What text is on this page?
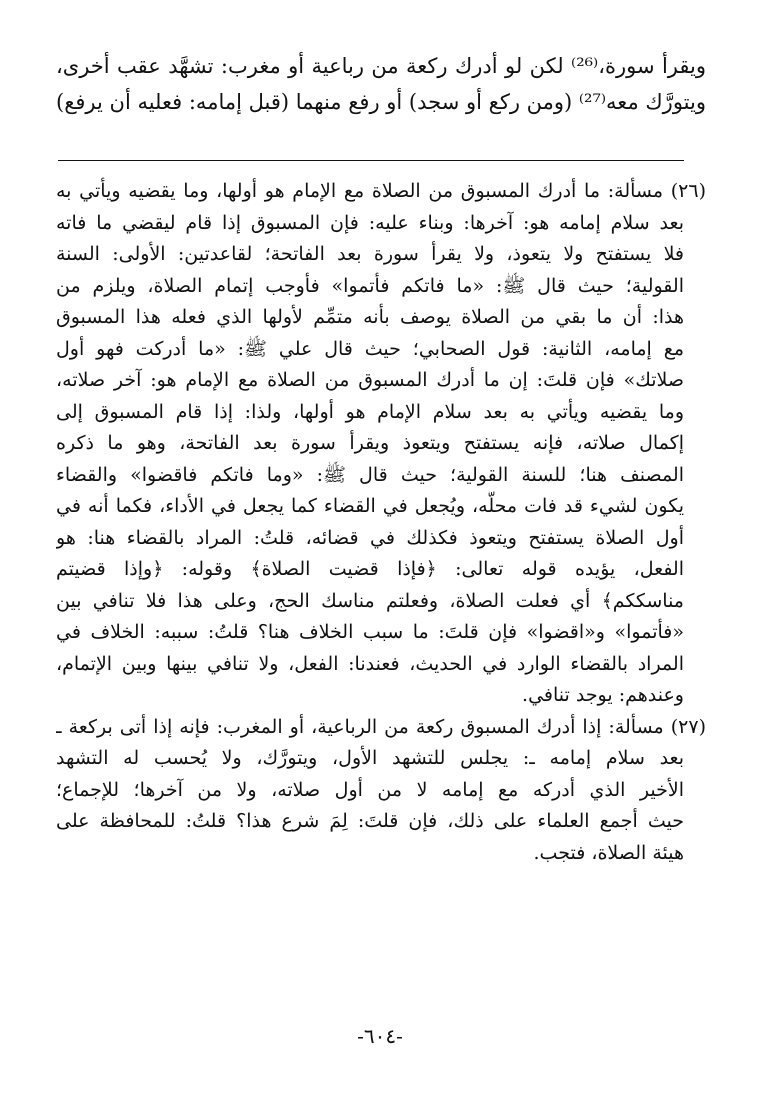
ويقرأ سورة،⁽²⁶⁾ لكن لو أدرك ركعة من رباعية أو مغرب: تشهَّد عقب أخرى،
ويتورَّك معه⁽²⁷⁾ (ومن ركع أو سجد) أو رفع منهما (قبل إمامه: فعليه أن يرفع)
(٢٦) مسألة: ما أدرك المسبوق من الصلاة مع الإمام هو أولها، وما يقضيه ويأتي به
بعد سلام إمامه هو: آخرها: وبناء عليه: فإن المسبوق إذا قام ليقضي ما فاته
فلا يستفتح ولا يتعوذ، ولا يقرأ سورة بعد الفاتحة؛ لقاعدتين: الأولى: السنة
القولية؛ حيث قال ﷺ: «ما فاتكم فأتموا» فأوجب إتمام الصلاة، ويلزم من
هذا: أن ما بقي من الصلاة يوصف بأنه متمِّم لأولها الذي فعله هذا المسبوق
مع إمامه، الثانية: قول الصحابي؛ حيث قال علي ﷺ: «ما أدركت فهو أول
صلاتك» فإن قلتَ: إن ما أدرك المسبوق من الصلاة مع الإمام هو: آخر صلاته،
وما يقضيه ويأتي به بعد سلام الإمام هو أولها، ولذا: إذا قام المسبوق إلى
إكمال صلاته، فإنه يستفتح ويتعوذ ويقرأ سورة بعد الفاتحة، وهو ما ذكره
المصنف هنا؛ للسنة القولية؛ حيث قال ﷺ: «وما فاتكم فاقضوا» والقضاء
يكون لشيء قد فات محلُّه، ويُجعل في القضاء كما يجعل في الأداء، فكما أنه في
أول الصلاة يستفتح ويتعوذ فكذلك في قضائه، قلتُ: المراد بالقضاء هنا: هو
الفعل، يؤيده قوله تعالى: ﴿فإذا قضيت الصلاة﴾ وقوله: ﴿وإذا قضيتم
مناسككم﴾ أي فعلت الصلاة، وفعلتم مناسك الحج، وعلى هذا فلا تنافي بين
«فأتموا» و«اقضوا» فإن قلتَ: ما سبب الخلاف هنا؟ قلتُ: سببه: الخلاف في
المراد بالقضاء الوارد في الحديث، فعندنا: الفعل، ولا تنافي بينها وبين الإتمام،
وعندهم: يوجد تنافي.
(٢٧) مسألة: إذا أدرك المسبوق ركعة من الرباعية، أو المغرب: فإنه إذا أتى بركعة ـ
بعد سلام إمامه ـ: يجلس للتشهد الأول، ويتورَّك، ولا يُحسب له التشهد
الأخير الذي أدركه مع إمامه لا من أول صلاته، ولا من آخرها؛ للإجماع؛
حيث أجمع العلماء على ذلك، فإن قلتَ: لِمَ شرع هذا؟ قلتُ: للمحافظة على
هيئة الصلاة، فتجب.
-٦٠٤-
